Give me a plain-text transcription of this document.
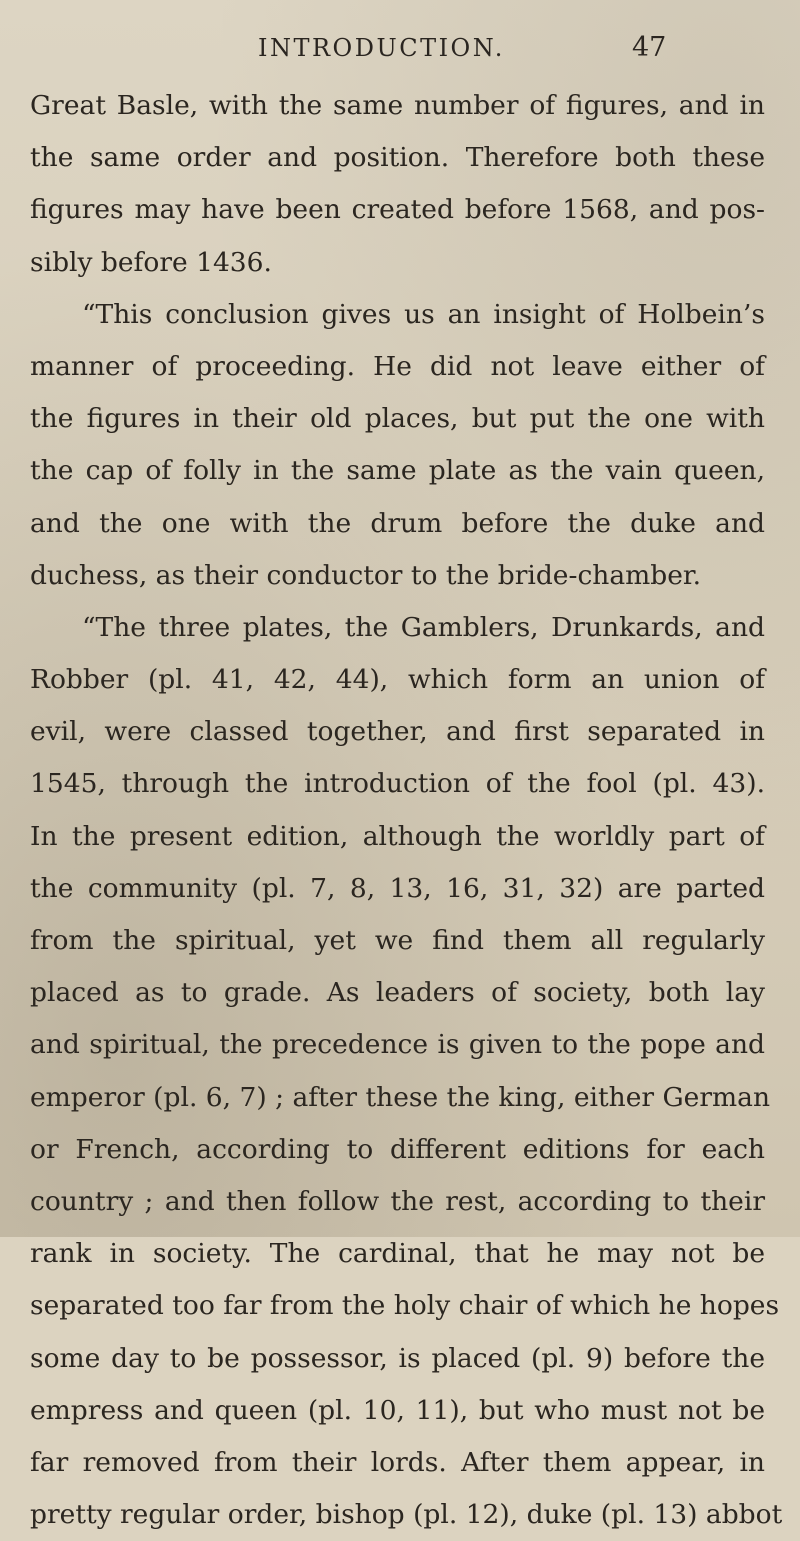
INTRODUCTION.	47
Great Basle, with the same number of figures, and in
the same order and position. Therefore both these
figures may have been created before 1568, and pos-
sibly before 1436.
“This conclusion gives us an insight of Holbein’s
manner of proceeding. He did not leave either of
the figures in their old places, but put the one with
the cap of folly in the same plate as the vain queen,
and the one with the drum before the duke and
duchess, as their conductor to the bride-chamber.
“The three plates, the Gamblers, Drunkards, and
Robber (pl. 41, 42, 44), which form an union of
evil, were classed together, and first separated in
1545, through the introduction of the fool (pl. 43).
In the present edition, although the worldly part of
the community (pl. 7, 8, 13, 16, 31, 32) are parted
from the spiritual, yet we find them all regularly
placed as to grade. As leaders of society, both lay
and spiritual, the precedence is given to the pope and
emperor (pl. 6, 7) ; after these the king, either German
or French, according to different editions for each
country ; and then follow the rest, according to their
rank in society. The cardinal, that he may not be
separated too far from the holy chair of which he hopes
some day to be possessor, is placed (pl. 9) before the
empress and queen (pl. 10, 11), but who must not be
far removed from their lords. After them appear, in
pretty regular order, bishop (pl. 12), duke (pl. 13) abbot
